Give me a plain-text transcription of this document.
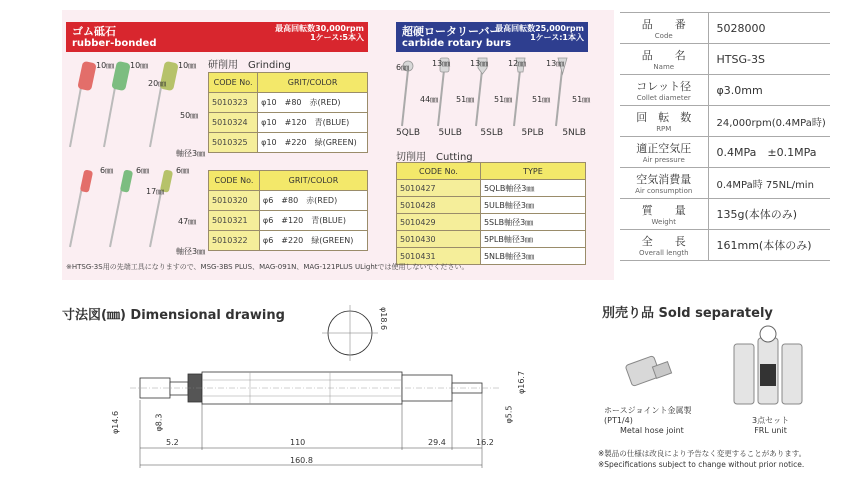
ゴム砥石
rubber-bonded
最高回転数30,000rpm
1ケース:5本入	超硬ロータリーバー
carbide rotary burs
最高回転数25,000rpm
1ケース:1本入
10㎜ 10㎜	10㎜
20㎜
50㎜
軸径3㎜
6㎜	6㎜	6㎜
17㎜
47㎜
軸径3㎜
研削用　Grinding
CODE No.	GRIT/COLOR
5010323	φ10　#80　赤(RED)
5010324	φ10　#120　青(BLUE)
5010325	φ10　#220　緑(GREEN)
CODE No.	GRIT/COLOR
5010320	φ6　#80　赤(RED)
5010321	φ6　#120　青(BLUE)
5010322	φ6　#220　緑(GREEN)
6㎜
44㎜
13㎜
51㎜
13㎜
51㎜
12㎜
51㎜
13㎜
51㎜
5QLB 5ULB 5SLB 5PLB 5NLB
切削用　Cutting
CODE No.	TYPE
5010427	5QLB軸径3㎜
5010428	5ULB軸径3㎜
5010429	5SLB軸径3㎜
5010430	5PLB軸径3㎜
5010431	5NLB軸径3㎜
※HTSG-3S用の先端工具になりますので、MSG-3BS PLUS、MAG-091N、MAG-121PLUS ULightでは使用しないでください。
品　　番
Code	5028000
品　　名
Name	HTSG-3S
コレット径
Collet diameter	φ3.0mm
回　転　数
RPM	24,000rpm(0.4MPa時)
適正空気圧
Air pressure	0.4MPa　±0.1MPa
空気消費量
Air consumption	0.4MPa時 75NL/min
質　　量
Weight	135g(本体のみ)
全　　長
Overall length	161mm(本体のみ)
寸法図(㎜) Dimensional drawing	φ18.6
φ16.7
φ14.6	φ8.3	φ5.5
5.2	110	29.4	16.2
160.8
別売り品 Sold separately
ホースジョイント金属製
(PT1/4)
Metal hose joint
3点セット
FRL unit
※製品の仕様は改良により予告なく変更することがあります。
※Specifications subject to change without prior notice.
